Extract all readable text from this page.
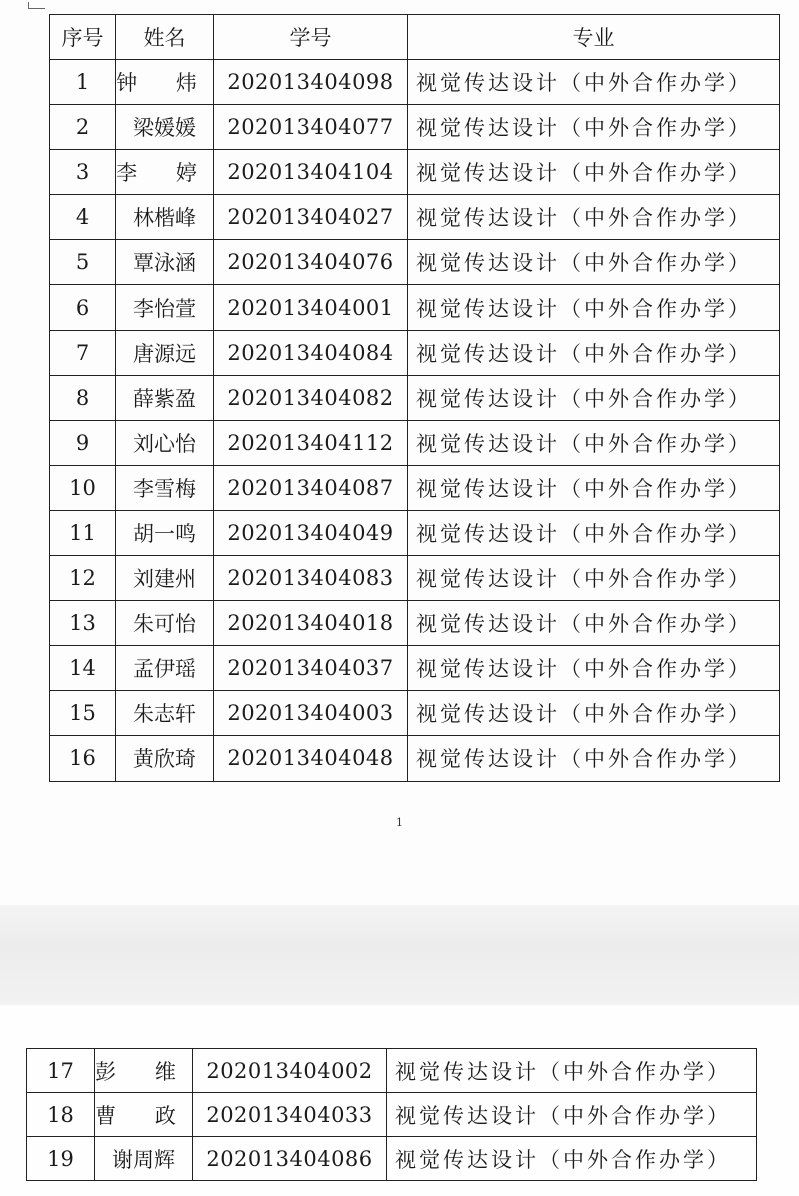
序号	姓名	学号	专业
1	钟 炜	202013404098	视觉传达设计（中外合作办学）
2	梁媛媛	202013404077	视觉传达设计（中外合作办学）
3	李 婷	202013404104	视觉传达设计（中外合作办学）
4	林楷峰	202013404027	视觉传达设计（中外合作办学）
5	覃泳涵	202013404076	视觉传达设计（中外合作办学）
6	李怡萱	202013404001	视觉传达设计（中外合作办学）
7	唐源远	202013404084	视觉传达设计（中外合作办学）
8	薛紫盈	202013404082	视觉传达设计（中外合作办学）
9	刘心怡	202013404112	视觉传达设计（中外合作办学）
10	李雪梅	202013404087	视觉传达设计（中外合作办学）
11	胡一鸣	202013404049	视觉传达设计（中外合作办学）
12	刘建州	202013404083	视觉传达设计（中外合作办学）
13	朱可怡	202013404018	视觉传达设计（中外合作办学）
14	孟伊瑶	202013404037	视觉传达设计（中外合作办学）
15	朱志轩	202013404003	视觉传达设计（中外合作办学）
16	黄欣琦	202013404048	视觉传达设计（中外合作办学）
1
17	彭 维	202013404002	视觉传达设计（中外合作办学）
18	曹 政	202013404033	视觉传达设计（中外合作办学）
19	谢周辉	202013404086	视觉传达设计（中外合作办学）
